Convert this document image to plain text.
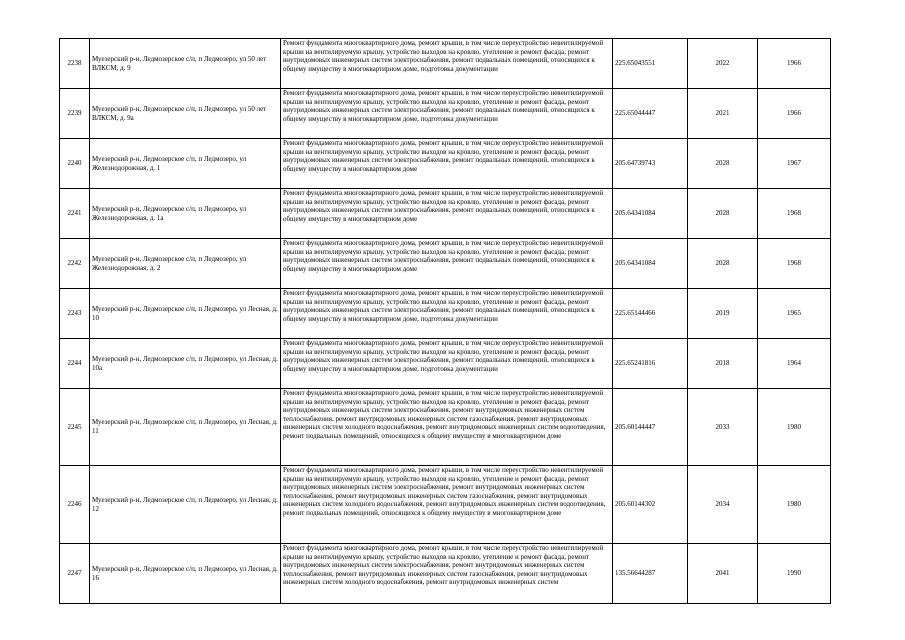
2238	Муезерский р-н, Ледмозерское с/п, п Ледмозеро, ул 50 лет ВЛКСМ, д. 9	Ремонт фундамента многоквартирного дома, ремонт крыши, в том числе переустройство невентилируемой крыши на вентилируемую крышу, устройство выходов на кровлю, утепление и ремонт фасада, ремонт внутридомовых инженерных систем электроснабжения, ремонт подвальных помещений, относящихся к общему имуществу в многоквартирном доме, подготовка документации	225.65043551	2022	1966
2239	Муезерский р-н, Ледмозерское с/п, п Ледмозеро, ул 50 лет ВЛКСМ, д. 9а	Ремонт фундамента многоквартирного дома, ремонт крыши, в том числе переустройство невентилируемой крыши на вентилируемую крышу, устройство выходов на кровлю, утепление и ремонт фасада, ремонт внутридомовых инженерных систем электроснабжения, ремонт подвальных помещений, относящихся к общему имуществу в многоквартирном доме, подготовка документации	225.65044447	2021	1966
2240	Муезерский р-н, Ледмозерское с/п, п Ледмозеро, ул Железнодорожная, д. 1	Ремонт фундамента многоквартирного дома, ремонт крыши, в том числе переустройство невентилируемой крыши на вентилируемую крышу, устройство выходов на кровлю, утепление и ремонт фасада, ремонт внутридомовых инженерных систем электроснабжения, ремонт подвальных помещений, относящихся к общему имуществу в многоквартирном доме	205.64739743	2028	1967
2241	Муезерский р-н, Ледмозерское с/п, п Ледмозеро, ул Железнодорожная, д. 1а	Ремонт фундамента многоквартирного дома, ремонт крыши, в том числе переустройство невентилируемой крыши на вентилируемую крышу, устройство выходов на кровлю, утепление и ремонт фасада, ремонт внутридомовых инженерных систем электроснабжения, ремонт подвальных помещений, относящихся к общему имуществу в многоквартирном доме	205.64341084	2028	1968
2242	Муезерский р-н, Ледмозерское с/п, п Ледмозеро, ул Железнодорожная, д. 2	Ремонт фундамента многоквартирного дома, ремонт крыши, в том числе переустройство невентилируемой крыши на вентилируемую крышу, устройство выходов на кровлю, утепление и ремонт фасада, ремонт внутридомовых инженерных систем электроснабжения, ремонт подвальных помещений, относящихся к общему имуществу в многоквартирном доме	205.64341084	2028	1968
2243	Муезерский р-н, Ледмозерское с/п, п Ледмозеро, ул Лесная, д. 10	Ремонт фундамента многоквартирного дома, ремонт крыши, в том числе переустройство невентилируемой крыши на вентилируемую крышу, устройство выходов на кровлю, утепление и ремонт фасада, ремонт внутридомовых инженерных систем электроснабжения, ремонт подвальных помещений, относящихся к общему имуществу в многоквартирном доме, подготовка документации	225.65144466	2019	1965
2244	Муезерский р-н, Ледмозерское с/п, п Ледмозеро, ул Лесная, д. 10а	Ремонт фундамента многоквартирного дома, ремонт крыши, в том числе переустройство невентилируемой крыши на вентилируемую крышу, устройство выходов на кровлю, утепление и ремонт фасада, ремонт внутридомовых инженерных систем электроснабжения, ремонт подвальных помещений, относящихся к общему имуществу в многоквартирном доме, подготовка документации	225.65241816	2018	1964
2245	Муезерский р-н, Ледмозерское с/п, п Ледмозеро, ул Лесная, д. 11	Ремонт фундамента многоквартирного дома, ремонт крыши, в том числе переустройство невентилируемой крыши на вентилируемую крышу, устройство выходов на кровлю, утепление и ремонт фасада, ремонт внутридомовых инженерных систем электроснабжения, ремонт внутридомовых инженерных систем теплоснабжения, ремонт внутридомовых инженерных систем газоснабжения, ремонт внутридомовых инженерных систем холодного водоснабжения, ремонт внутридомовых инженерных систем водоотведения, ремонт подвальных помещений, относящихся к общему имуществу в многоквартирном доме	205.60144447	2033	1980
2246	Муезерский р-н, Ледмозерское с/п, п Ледмозеро, ул Лесная, д. 12	Ремонт фундамента многоквартирного дома, ремонт крыши, в том числе переустройство невентилируемой крыши на вентилируемую крышу, устройство выходов на кровлю, утепление и ремонт фасада, ремонт внутридомовых инженерных систем электроснабжения, ремонт внутридомовых инженерных систем теплоснабжения, ремонт внутридомовых инженерных систем газоснабжения, ремонт внутридомовых инженерных систем холодного водоснабжения, ремонт внутридомовых инженерных систем водоотведения, ремонт подвальных помещений, относящихся к общему имуществу в многоквартирном доме	205.60144302	2034	1980
2247	Муезерский р-н, Ледмозерское с/п, п Ледмозеро, ул Лесная, д. 16	Ремонт фундамента многоквартирного дома, ремонт крыши, в том числе переустройство невентилируемой крыши на вентилируемую крышу, устройство выходов на кровлю, утепление и ремонт фасада, ремонт внутридомовых инженерных систем электроснабжения, ремонт внутридомовых инженерных систем теплоснабжения, ремонт внутридомовых инженерных систем газоснабжения, ремонт внутридомовых инженерных систем холодного водоснабжения, ремонт внутридомовых инженерных систем	135.56644287	2041	1990
